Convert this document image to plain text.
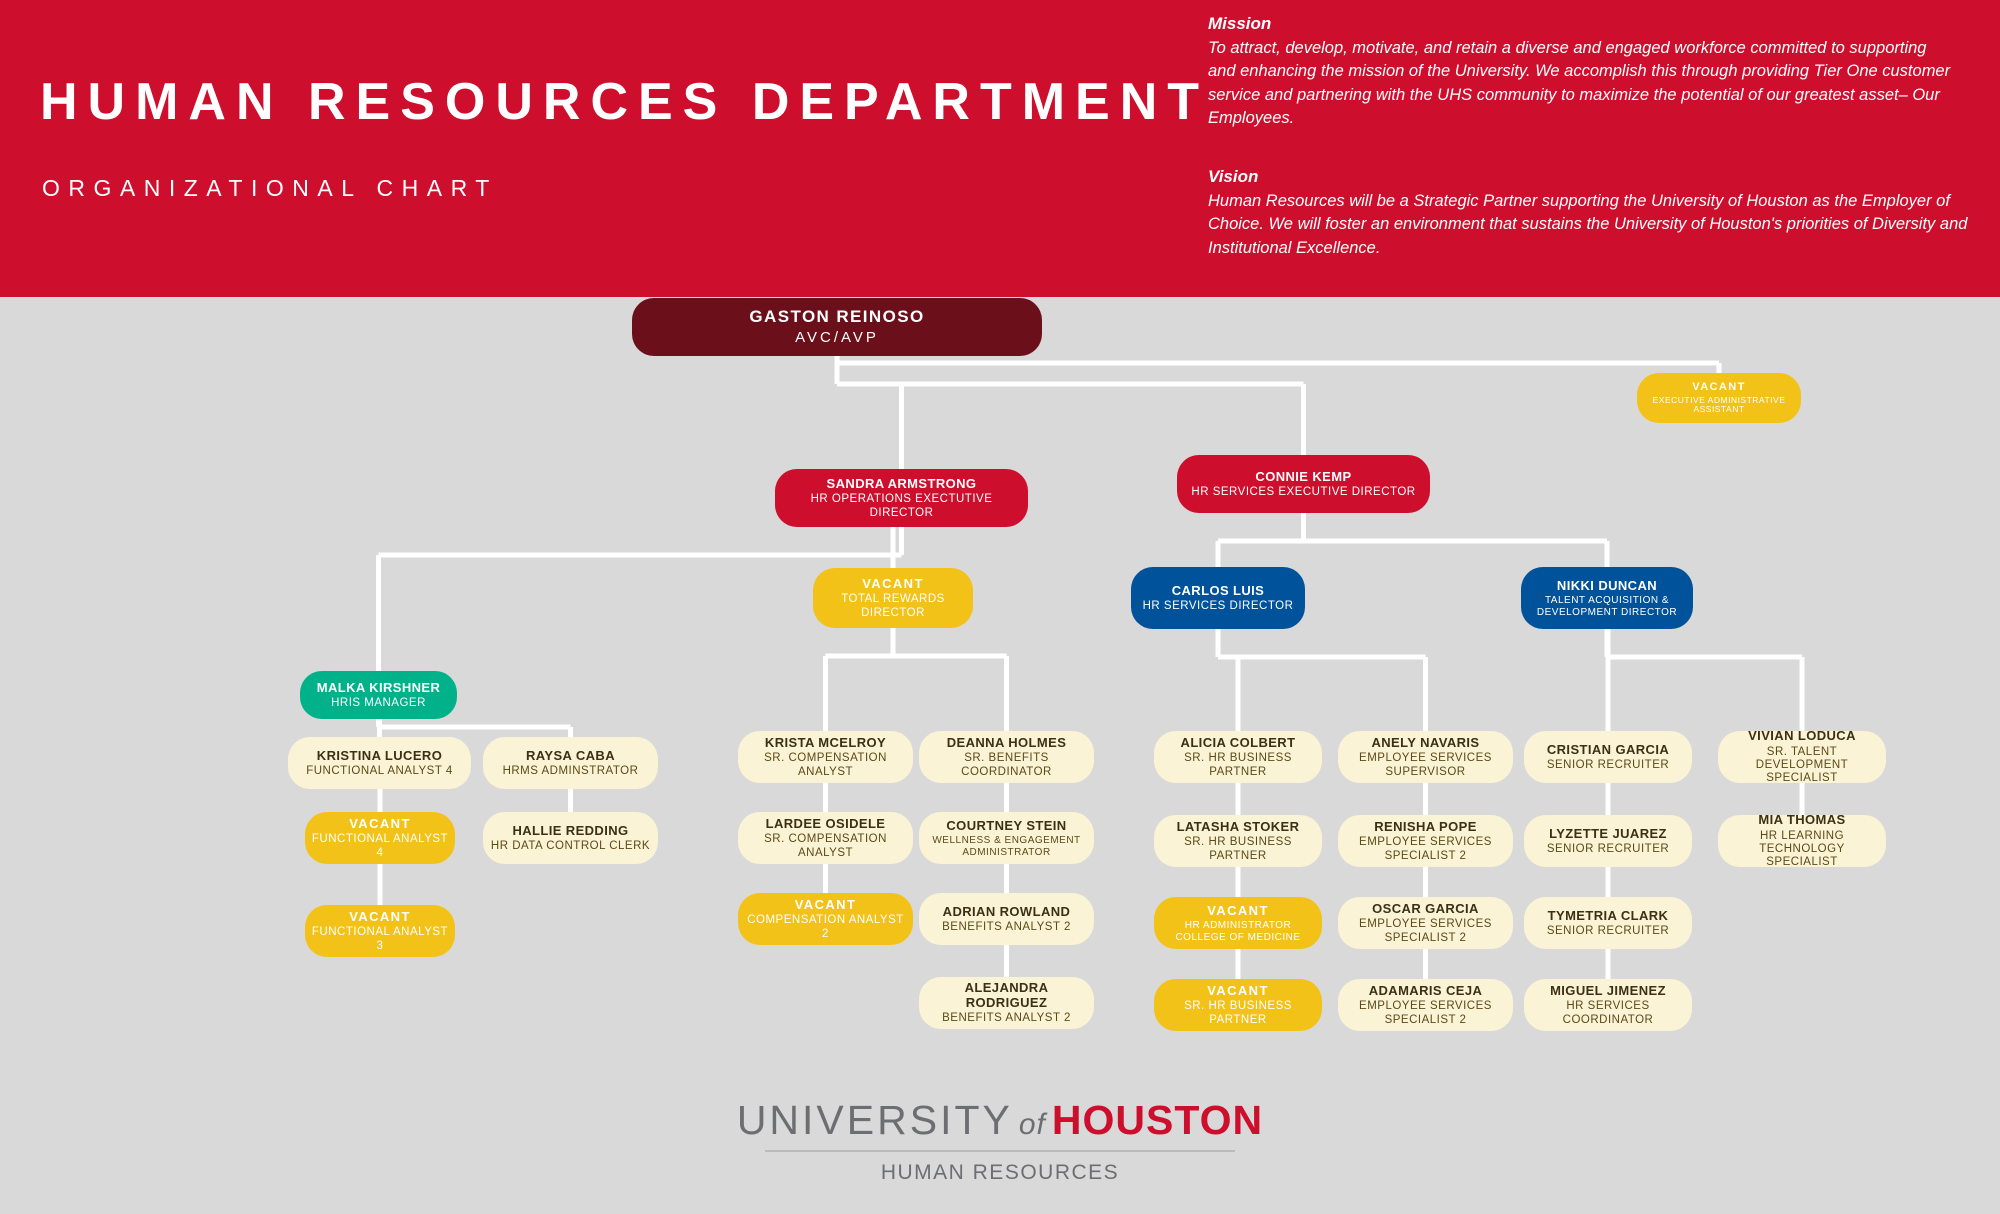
HUMAN RESOURCES DEPARTMENT
ORGANIZATIONAL CHART

Mission

To attract, develop, motivate, and retain a diverse and engaged workforce committed to supporting and enhancing the mission of the University. We accomplish this through providing Tier One customer service and partnering with the UHS community to maximize the potential of our greatest asset– Our Employees.

Vision

Human Resources will be a Strategic Partner supporting the University of Houston as the Employer of Choice. We will foster an environment that sustains the University of Houston's priorities of Diversity and Institutional Excellence.

GASTON REINOSO
AVC/AVP
VACANT
EXECUTIVE ADMINISTRATIVE ASSISTANT
SANDRA ARMSTRONG
HR OPERATIONS EXECTUTIVE DIRECTOR
CONNIE KEMP
HR SERVICES EXECUTIVE DIRECTOR
VACANT
TOTAL REWARDS DIRECTOR
CARLOS LUIS
HR SERVICES DIRECTOR
NIKKI DUNCAN
TALENT ACQUISITION & DEVELOPMENT DIRECTOR
MALKA KIRSHNER
HRIS MANAGER
KRISTINA LUCERO
FUNCTIONAL ANALYST 4
VACANT
FUNCTIONAL ANALYST 4
VACANT
FUNCTIONAL ANALYST 3
RAYSA CABA
HRMS ADMINSTRATOR
HALLIE REDDING
HR DATA CONTROL CLERK
KRISTA MCELROY
SR. COMPENSATION ANALYST
LARDEE OSIDELE
SR. COMPENSATION ANALYST
VACANT
COMPENSATION ANALYST 2
DEANNA HOLMES
SR. BENEFITS COORDINATOR
COURTNEY STEIN
WELLNESS & ENGAGEMENT ADMINISTRATOR
ADRIAN ROWLAND
BENEFITS ANALYST 2
ALEJANDRA RODRIGUEZ
BENEFITS ANALYST 2
ALICIA COLBERT
SR. HR BUSINESS PARTNER
LATASHA STOKER
SR. HR BUSINESS PARTNER
VACANT
HR ADMINISTRATOR COLLEGE OF MEDICINE
VACANT
SR. HR BUSINESS PARTNER
ANELY NAVARIS
EMPLOYEE SERVICES SUPERVISOR
RENISHA POPE
EMPLOYEE SERVICES SPECIALIST 2
OSCAR GARCIA
EMPLOYEE SERVICES SPECIALIST 2
ADAMARIS CEJA
EMPLOYEE SERVICES SPECIALIST 2
CRISTIAN GARCIA
SENIOR RECRUITER
LYZETTE JUAREZ
SENIOR RECRUITER
TYMETRIA CLARK
SENIOR RECRUITER
MIGUEL JIMENEZ
HR SERVICES COORDINATOR
VIVIAN LODUCA
SR. TALENT DEVELOPMENT SPECIALIST
MIA THOMAS
HR LEARNING TECHNOLOGY SPECIALIST
UNIVERSITY of HOUSTON
HUMAN RESOURCES
